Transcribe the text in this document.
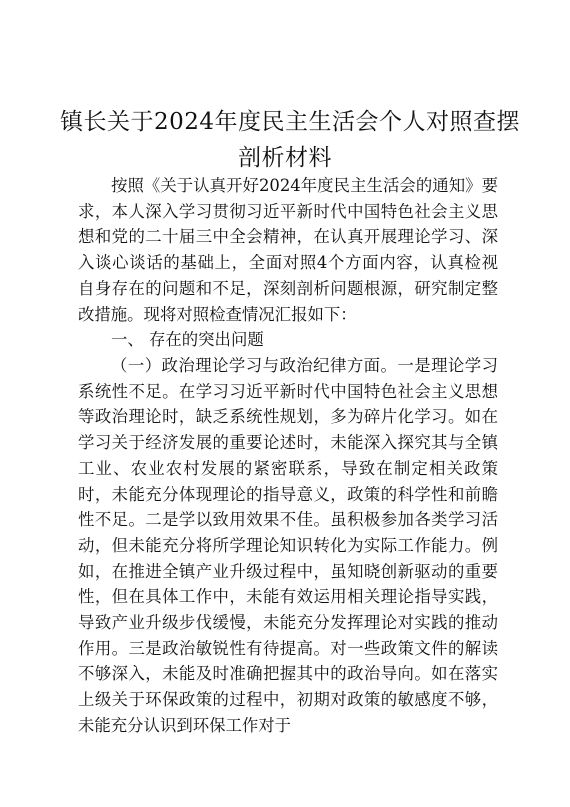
镇长关于2024年度民主生活会个人对照查摆
剖析材料
按照《关于认真开好2024年度民主生活会的通知》要求，本人深入学习贯彻习近平新时代中国特色社会主义思想和党的二十届三中全会精神，在认真开展理论学习、深入谈心谈话的基础上，全面对照4个方面内容，认真检视自身存在的问题和不足，深刻剖析问题根源，研究制定整改措施。现将对照检查情况汇报如下：
一、 存在的突出问题
（一）政治理论学习与政治纪律方面。一是理论学习系统性不足。在学习习近平新时代中国特色社会主义思想等政治理论时，缺乏系统性规划，多为碎片化学习。如在学习关于经济发展的重要论述时，未能深入探究其与全镇工业、农业农村发展的紧密联系，导致在制定相关政策时，未能充分体现理论的指导意义，政策的科学性和前瞻性不足。二是学以致用效果不佳。虽积极参加各类学习活动，但未能充分将所学理论知识转化为实际工作能力。例如，在推进全镇产业升级过程中，虽知晓创新驱动的重要性，但在具体工作中，未能有效运用相关理论指导实践，导致产业升级步伐缓慢，未能充分发挥理论对实践的推动作用。三是政治敏锐性有待提高。对一些政策文件的解读不够深入，未能及时准确把握其中的政治导向。如在落实上级关于环保政策的过程中，初期对政策的敏感度不够，未能充分认识到环保工作对于
